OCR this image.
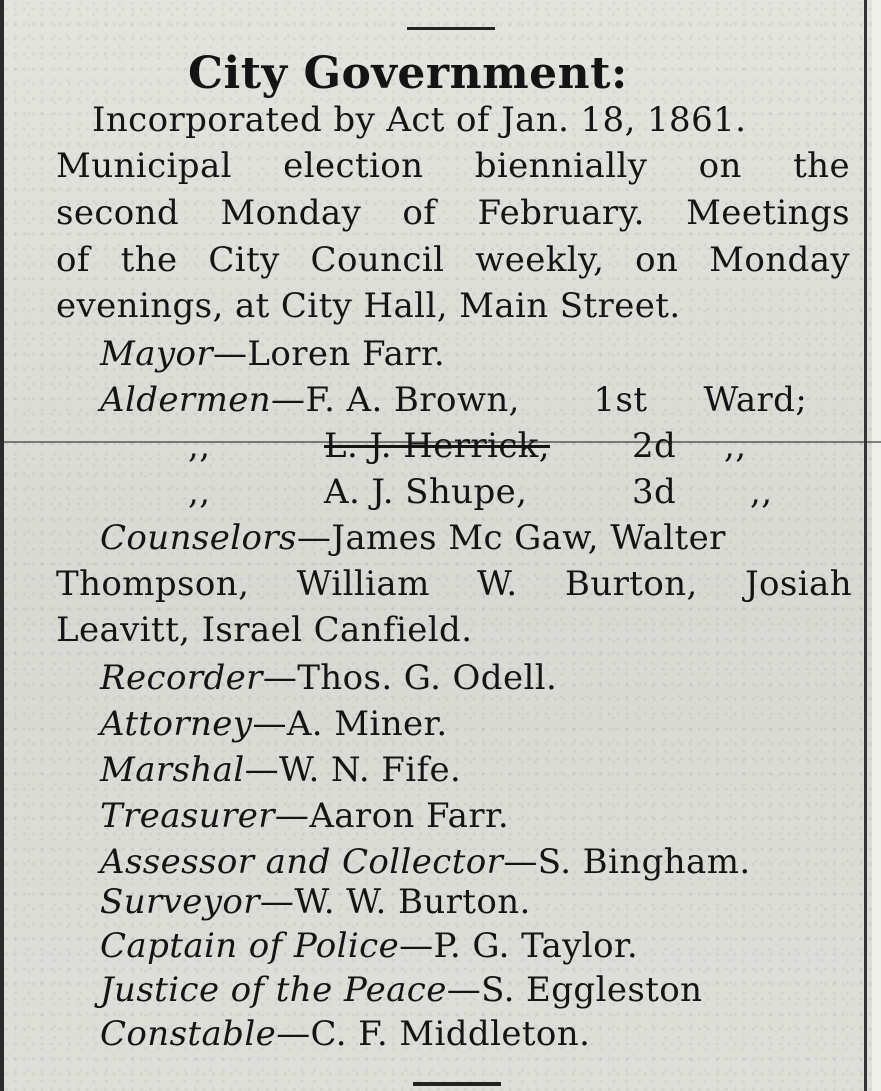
City Government:
Incorporated by Act of Jan. 18, 1861.
Municipal election biennially on the
second Monday of February. Meetings
of the City Council weekly, on Monday
evenings, at City Hall, Main Street.
Mayor—Loren Farr.
Aldermen—F. A. Brown, 1st Ward;
,,	L. J. Herrick, 2d ,,
,,	A. J. Shupe,	3d ,,
Counselors—James Mc Gaw, Walter
Thompson, William W. Burton, Josiah
Leavitt, Israel Canfield.
Recorder—Thos. G. Odell.
Attorney—A. Miner.
Marshal—W. N. Fife.
Treasurer—Aaron Farr.
Assessor and Collector—S. Bingham.
Surveyor—W. W. Burton.
Captain of Police—P. G. Taylor.
Justice of the Peace—S. Eggleston
Constable—C. F. Middleton.
